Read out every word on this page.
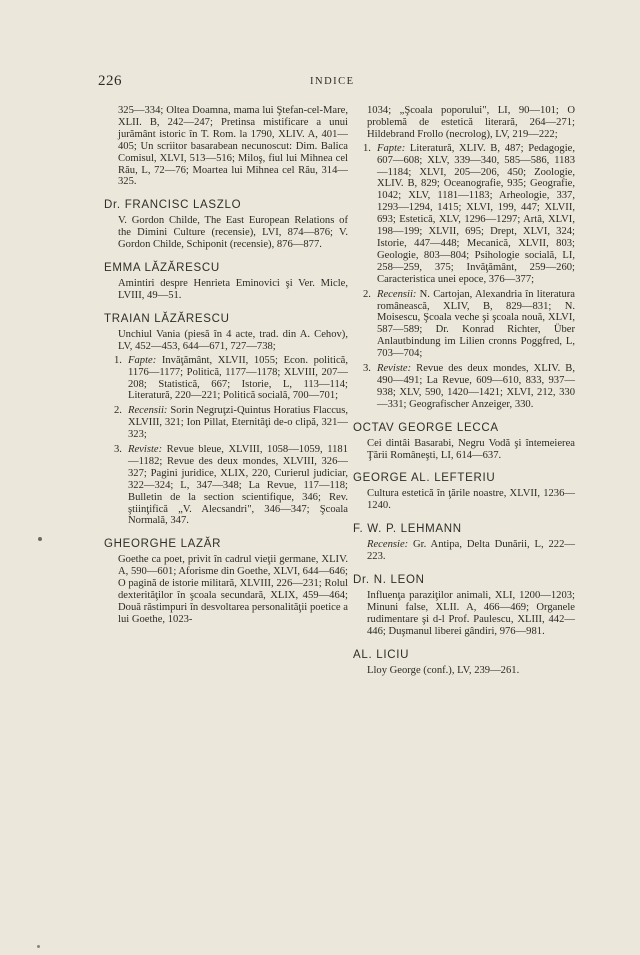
226	INDICE

325—334; Oltea Doamna, mama lui Ştefan-cel-Mare, XLII. B, 242—247; Pretinsa mistificare a unui jurământ istoric în T. Rom. la 1790, XLIV. A, 401—405; Un scriitor basarabean necunoscut: Dim. Balica Comisul, XLVI, 513—516; Miloş, fiul lui Mihnea cel Rău, L, 72—76; Moartea lui Mihnea cel Rău, 314—325.

Dr. FRANCISC LASZLO

V. Gordon Childe, The East European Relations of the Dimini Culture (recensie), LVI, 874—876; V. Gordon Childe, Schiponit (recensie), 876—877.

EMMA LĂZĂRESCU

Amintiri despre Henrieta Eminovici şi Ver. Micle, LVIII, 49—51.

TRAIAN LĂZĂRESCU

Unchiul Vania (piesă în 4 acte, trad. din A. Cehov), LV, 452—453, 644—671, 727—738;

1. Fapte: Invăţământ, XLVII, 1055; Econ. politică, 1176—1177; Politică, 1177—1178; XLVIII, 207—208; Statistică, 667; Istorie, L, 113—114; Literatură, 220—221; Politică socială, 700—701;

2. Recensii: Sorin Negruţzi-Quintus Horatius Flaccus, XLVIII, 321; Ion Pillat, Eternităţi de-o clipă, 321—323;

3. Reviste: Revue bleue, XLVIII, 1058—1059, 1181—1182; Revue des deux mondes, XLVIII, 326—327; Pagini juridice, XLIX, 220, Curierul judiciar, 322—324; L, 347—348; La Revue, 117—118; Bulletin de la section scientifique, 346; Rev. ştiinţifică „V. Alecsandri", 346—347; Şcoala Normală, 347.

GHEORGHE LAZĂR

Goethe ca poet, privit în cadrul vieţii germane, XLIV. A, 590—601; Aforisme din Goethe, XLVI, 644—646; O pagină de istorie militară, XLVIII, 226—231; Rolul dexterităţilor în şcoala secundară, XLIX, 459—464; Două răstimpuri în desvoltarea personalităţii poetice a lui Goethe, 1023-

1034; „Şcoala poporului", LI, 90—101; O problemă de estetică literară, 264—271; Hildebrand Frollo (necrolog), LV, 219—222;

1. Fapte: Literatură, XLIV. B, 487; Pedagogie, 607—608; XLV, 339—340, 585—586, 1183—1184; XLVI, 205—206, 450; Zoologie, XLIV. B, 829; Oceanografie, 935; Geografie, 1042; XLV, 1181—1183; Arheologie, 337, 1293—1294, 1415; XLVI, 199, 447; XLVII, 693; Estetică, XLV, 1296—1297; Artă, XLVI, 198—199; XLVII, 695; Drept, XLVI, 324; Istorie, 447—448; Mecanică, XLVII, 803; Geologie, 803—804; Psihologie socială, LI, 258—259, 375; Invăţământ, 259—260; Caracteristica unei epoce, 376—377;

2. Recensii: N. Cartojan, Alexandria în literatura românească, XLIV, B, 829—831; N. Moisescu, Şcoala veche şi şcoala nouă, XLVI, 587—589; Dr. Konrad Richter, Über Anlautbindung im Lilien cronns Poggfred, L, 703—704;

3. Reviste: Revue des deux mondes, XLIV. B, 490—491; La Revue, 609—610, 833, 937—938; XLV, 590, 1420—1421; XLVI, 212, 330—331; Geografischer Anzeiger, 330.

OCTAV GEORGE LECCA

Cei dintâi Basarabi, Negru Vodă şi întemeierea Ţării Româneşti, LI, 614—637.

GEORGE AL. LEFTERIU

Cultura estetică în ţările noastre, XLVII, 1236—1240.

F. W. P. LEHMANN

Recensie: Gr. Antipa, Delta Dunării, L, 222—223.

Dr. N. LEON

Influenţa paraziţilor animali, XLI, 1200—1203; Minuni false, XLII. A, 466—469; Organele rudimentare şi d-l Prof. Paulescu, XLIII, 442—446; Duşmanul liberei gândiri, 976—981.

AL. LICIU

Lloy George (conf.), LV, 239—261.
